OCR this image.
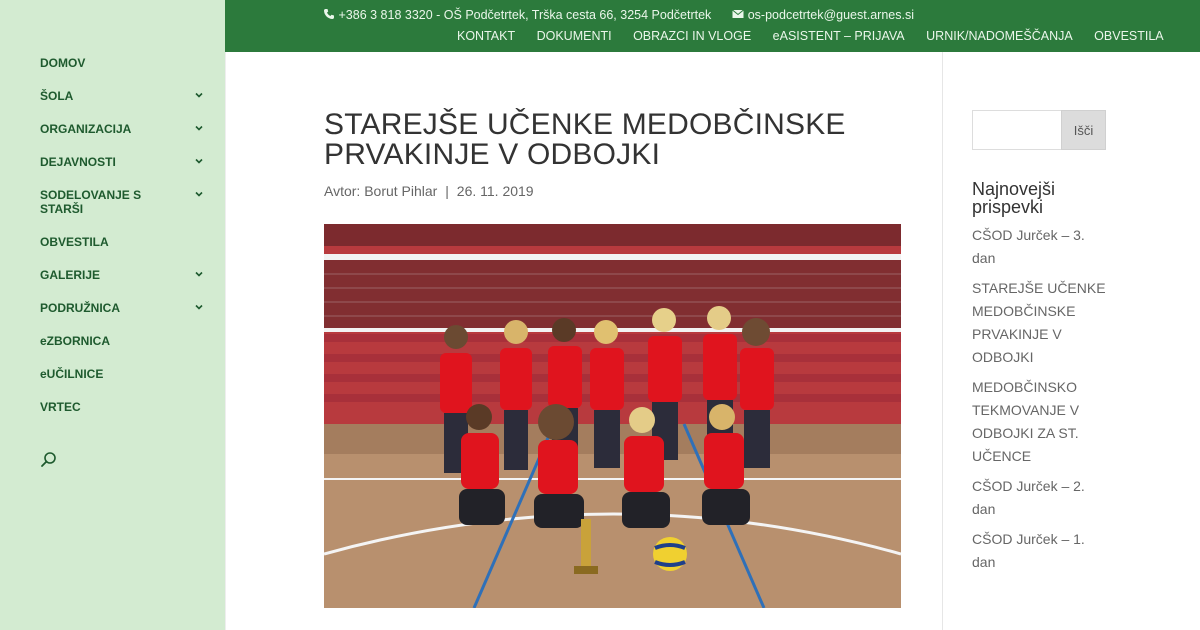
DOMOV
ŠOLA
ORGANIZACIJA
DEJAVNOSTI
SODELOVANJE S STARŠI
OBVESTILA
GALERIJE
PODRUŽNICA
eZBORNICA
eUČILNICE
VRTEC
+386 3 818 3320 - OŠ Podčetrtek, Trška cesta 66, 3254 Podčetrtek	os-podcetrtek@guest.arnes.si
KONTAKT DOKUMENTI OBRAZCI IN VLOGE eASISTENT – PRIJAVA URNIK/NADOMEŠČANJA OBVESTILA
STAREJŠE UČENKE MEDOBČINSKE PRVAKINJE V ODBOJKI
Avtor: Borut Pihlar | 26. 11. 2019
Išči
Najnovejši prispevki
CŠOD Jurček – 3. dan
STAREJŠE UČENKE MEDOBČINSKE PRVAKINJE V ODBOJKI
MEDOBČINSKO TEKMOVANJE V ODBOJKI ZA ST. UČENCE
CŠOD Jurček – 2. dan
CŠOD Jurček – 1. dan
